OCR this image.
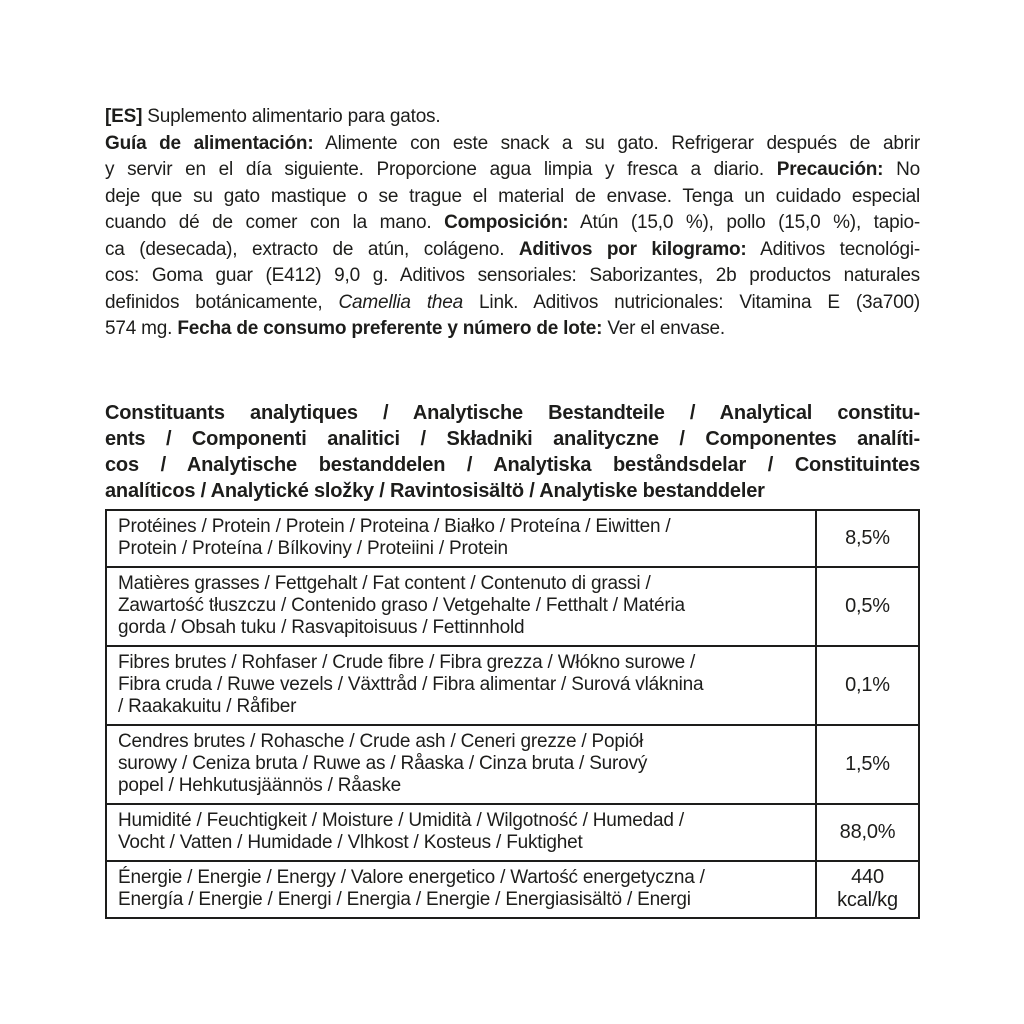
[ES] Suplemento alimentario para gatos.
Guía de alimentación: Alimente con este snack a su gato. Refrigerar después de abrir
y servir en el día siguiente. Proporcione agua limpia y fresca a diario. Precaución: No
deje que su gato mastique o se trague el material de envase. Tenga un cuidado especial
cuando dé de comer con la mano. Composición: Atún (15,0 %), pollo (15,0 %), tapio-
ca (desecada), extracto de atún, colágeno. Aditivos por kilogramo: Aditivos tecnológi-
cos: Goma guar (E412) 9,0 g. Aditivos sensoriales: Saborizantes, 2b productos naturales
definidos botánicamente, Camellia thea Link. Aditivos nutricionales: Vitamina E (3a700)
574 mg. Fecha de consumo preferente y número de lote: Ver el envase.
Constituants analytiques / Analytische Bestandteile / Analytical constitu-
ents / Componenti analitici / Składniki analityczne / Componentes analíti-
cos / Analytische bestanddelen / Analytiska beståndsdelar / Constituintes
analíticos / Analytické složky / Ravintosisältö / Analytiske bestanddeler
Protéines / Protein / Protein / Proteina / Białko / Proteína / Eiwitten /
Protein / Proteína / Bílkoviny / Proteiini / Protein	8,5%

Matières grasses / Fettgehalt / Fat content / Contenuto di grassi /
Zawartość tłuszczu / Contenido graso / Vetgehalte / Fetthalt / Matéria
gorda / Obsah tuku / Rasvapitoisuus / Fettinnhold	0,5%

Fibres brutes / Rohfaser / Crude fibre / Fibra grezza / Włókno surowe /
Fibra cruda / Ruwe vezels / Växttråd / Fibra alimentar / Surová vláknina
/ Raakakuitu / Råfiber	0,1%

Cendres brutes / Rohasche / Crude ash / Ceneri grezze / Popiół
surowy / Ceniza bruta / Ruwe as / Råaska / Cinza bruta / Surový
popel / Hehkutusjäännös / Råaske	1,5%

Humidité / Feuchtigkeit / Moisture / Umidità / Wilgotność / Humedad /
Vocht / Vatten / Humidade / Vlhkost / Kosteus / Fuktighet	88,0%

Énergie / Energie / Energy / Valore energetico / Wartość energetyczna /
Energía / Energie / Energi / Energia / Energie / Energiasisältö / Energi	440 kcal/kg
